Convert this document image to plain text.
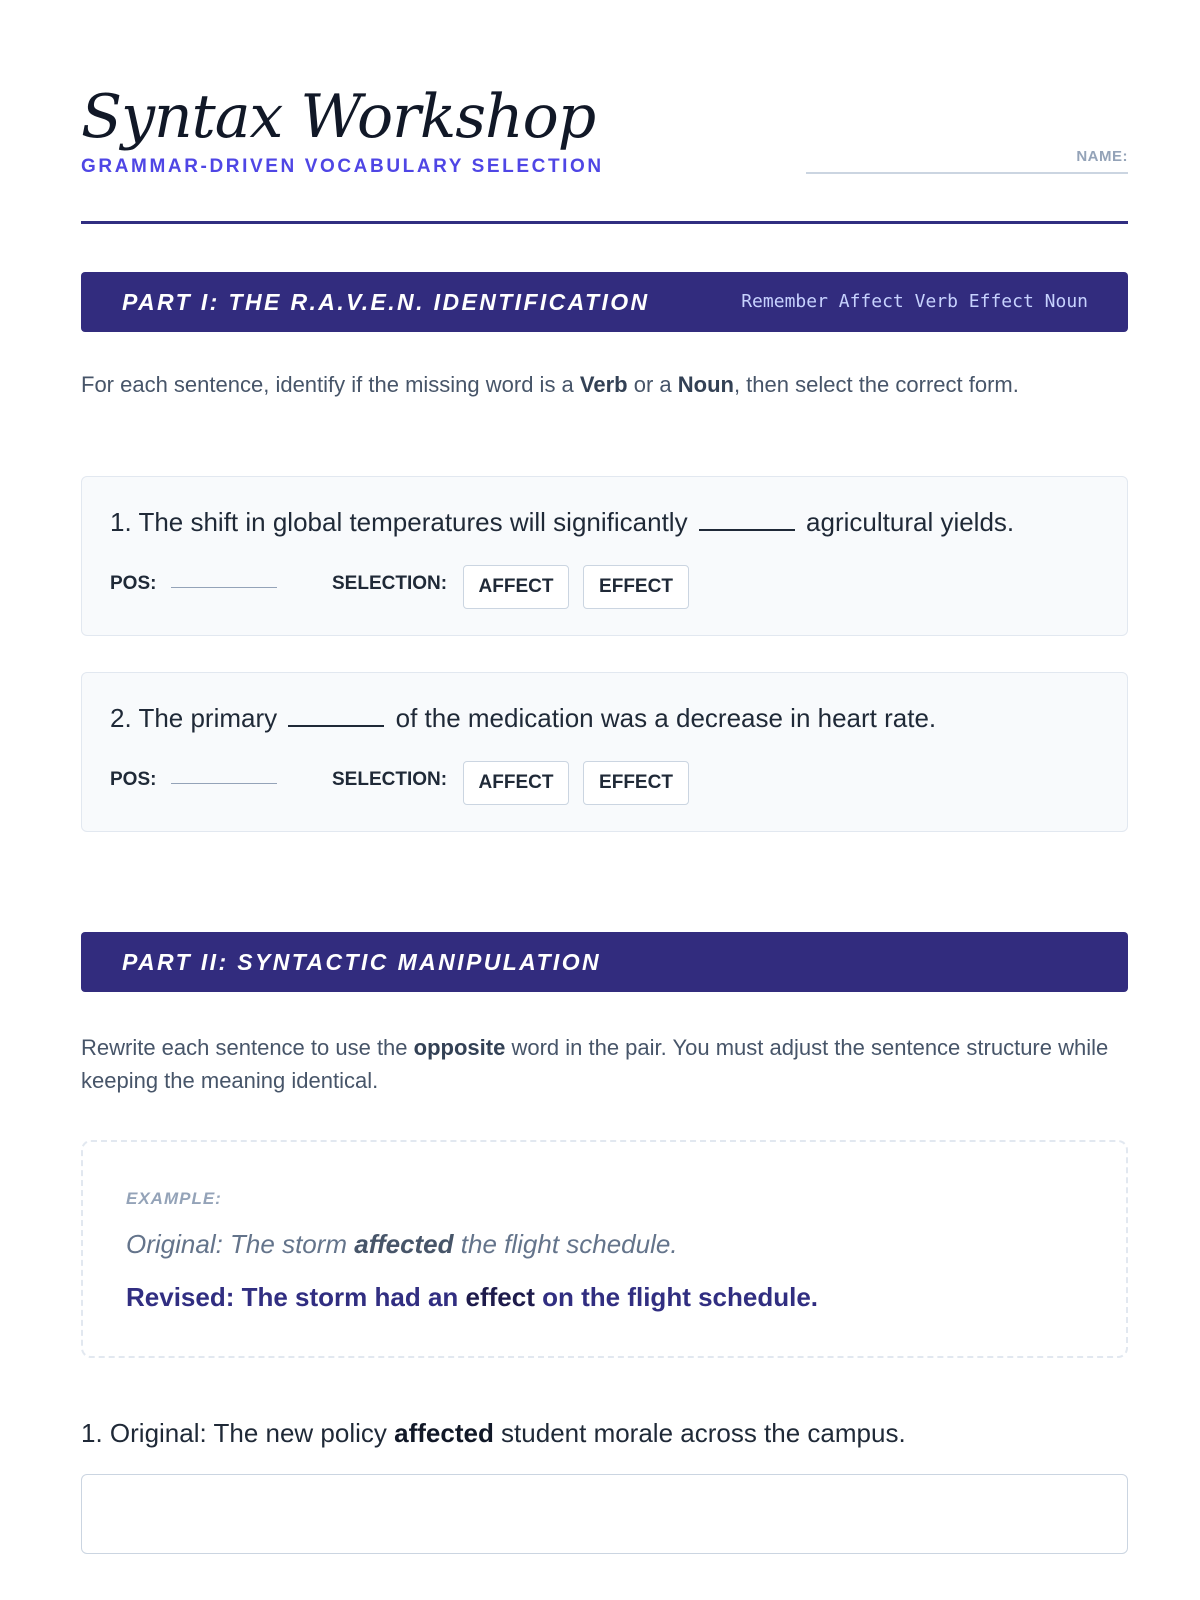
Syntax Workshop
GRAMMAR-DRIVEN VOCABULARY SELECTION	NAME:
PART I: THE R.A.V.E.N. IDENTIFICATION	Remember Affect Verb Effect Noun

For each sentence, identify if the missing word is a Verb or a Noun, then select the correct form.

1. The shift in global temperatures will significantly	agricultural yields.
POS:	SELECTION:	AFFECT	EFFECT
2. The primary	of the medication was a decrease in heart rate.
POS:	SELECTION:	AFFECT	EFFECT
PART II: SYNTACTIC MANIPULATION

Rewrite each sentence to use the opposite word in the pair. You must adjust the sentence structure while keeping the meaning identical.

EXAMPLE:
Original: The storm affected the flight schedule.
Revised: The storm had an effect on the flight schedule.
1. Original: The new policy affected student morale across the campus.
